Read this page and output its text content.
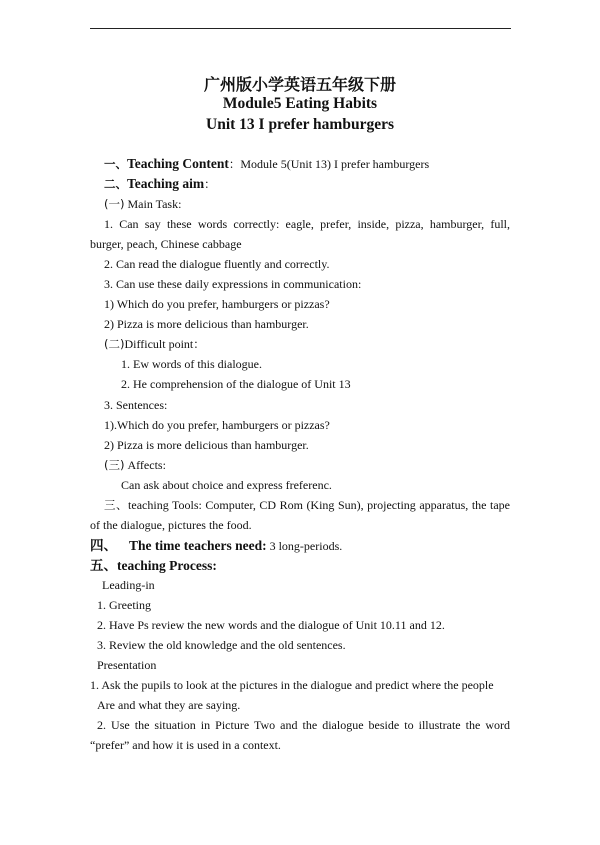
广州版小学英语五年级下册
Module5 Eating Habits
Unit 13 I prefer hamburgers
一、Teaching Content：Module 5(Unit 13) I prefer hamburgers
二、Teaching aim：
(一) Main Task:
1. Can say these words correctly: eagle, prefer, inside, pizza, hamburger, full,
burger, peach, Chinese cabbage
2. Can read the dialogue fluently and correctly.
3. Can use these daily expressions in communication:
1) Which do you prefer, hamburgers or pizzas?
2) Pizza is more delicious than hamburger.
(二)Difficult point：
1. Ew words of this dialogue.
2. He comprehension of the dialogue of Unit 13
3. Sentences:
1).Which do you prefer, hamburgers or pizzas?
2) Pizza is more delicious than hamburger.
(三) Affects:
Can ask about choice and express freferenc.
三、teaching Tools: Computer, CD Rom (King Sun), projecting apparatus, the tape
of the dialogue, pictures the food.
四、 The time teachers need: 3 long-periods.
五、teaching Process:
Leading-in
1. Greeting
2. Have Ps review the new words and the dialogue of Unit 10.11 and 12.
3. Review the old knowledge and the old sentences.
Presentation
1. Ask the pupils to look at the pictures in the dialogue and predict where the people
Are and what they are saying.
2. Use the situation in Picture Two and the dialogue beside to illustrate the word
“prefer” and how it is used in a context.
